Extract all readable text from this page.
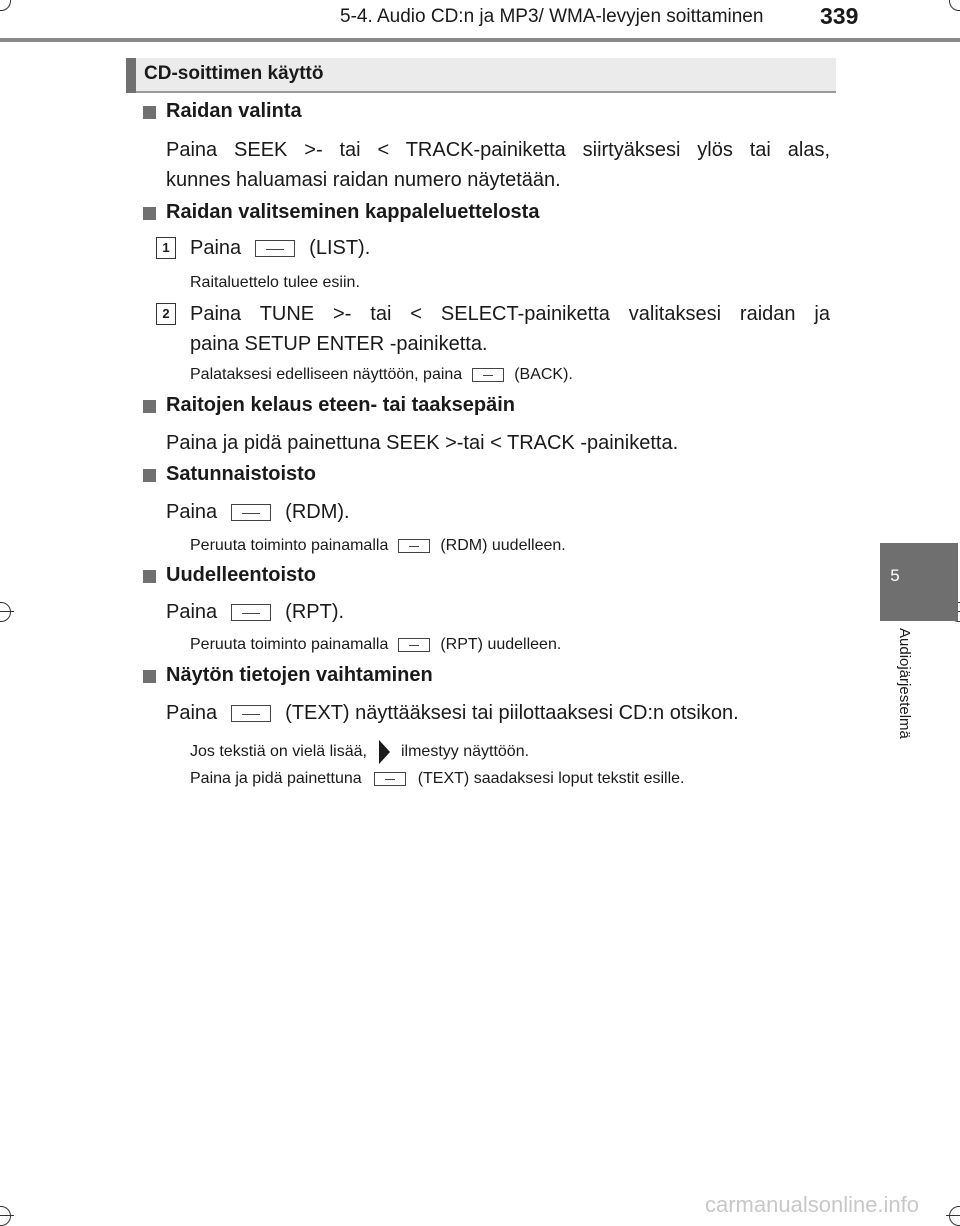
5-4. Audio CD:n ja MP3/ WMA-levyjen soittaminen 339
5
Audiojärjestelmä
CD-soittimen käyttö
Raidan valinta
Paina SEEK >- tai < TRACK-painiketta siirtyäksesi ylös tai alas,
kunnes haluamasi raidan numero näytetään.
Raidan valitseminen kappaleluettelosta
1	Paina	(LIST).
Raitaluettelo tulee esiin.
2	Paina TUNE >- tai < SELECT-painiketta valitaksesi raidan ja
paina SETUP ENTER -painiketta.
Palataksesi edelliseen näyttöön, paina	(BACK).
Raitojen kelaus eteen- tai taaksepäin
Paina ja pidä painettuna SEEK >-tai < TRACK -painiketta.
Satunnaistoisto
Paina	(RDM).
Peruuta toiminto painamalla	(RDM) uudelleen.
Uudelleentoisto
Paina	(RPT).
Peruuta toiminto painamalla	(RPT) uudelleen.
Näytön tietojen vaihtaminen
Paina	(TEXT) näyttääksesi tai piilottaaksesi CD:n otsikon.
Jos tekstiä on vielä lisää, ilmestyy näyttöön.
Paina ja pidä painettuna	(TEXT) saadaksesi loput tekstit esille.
carmanualsonline.info
